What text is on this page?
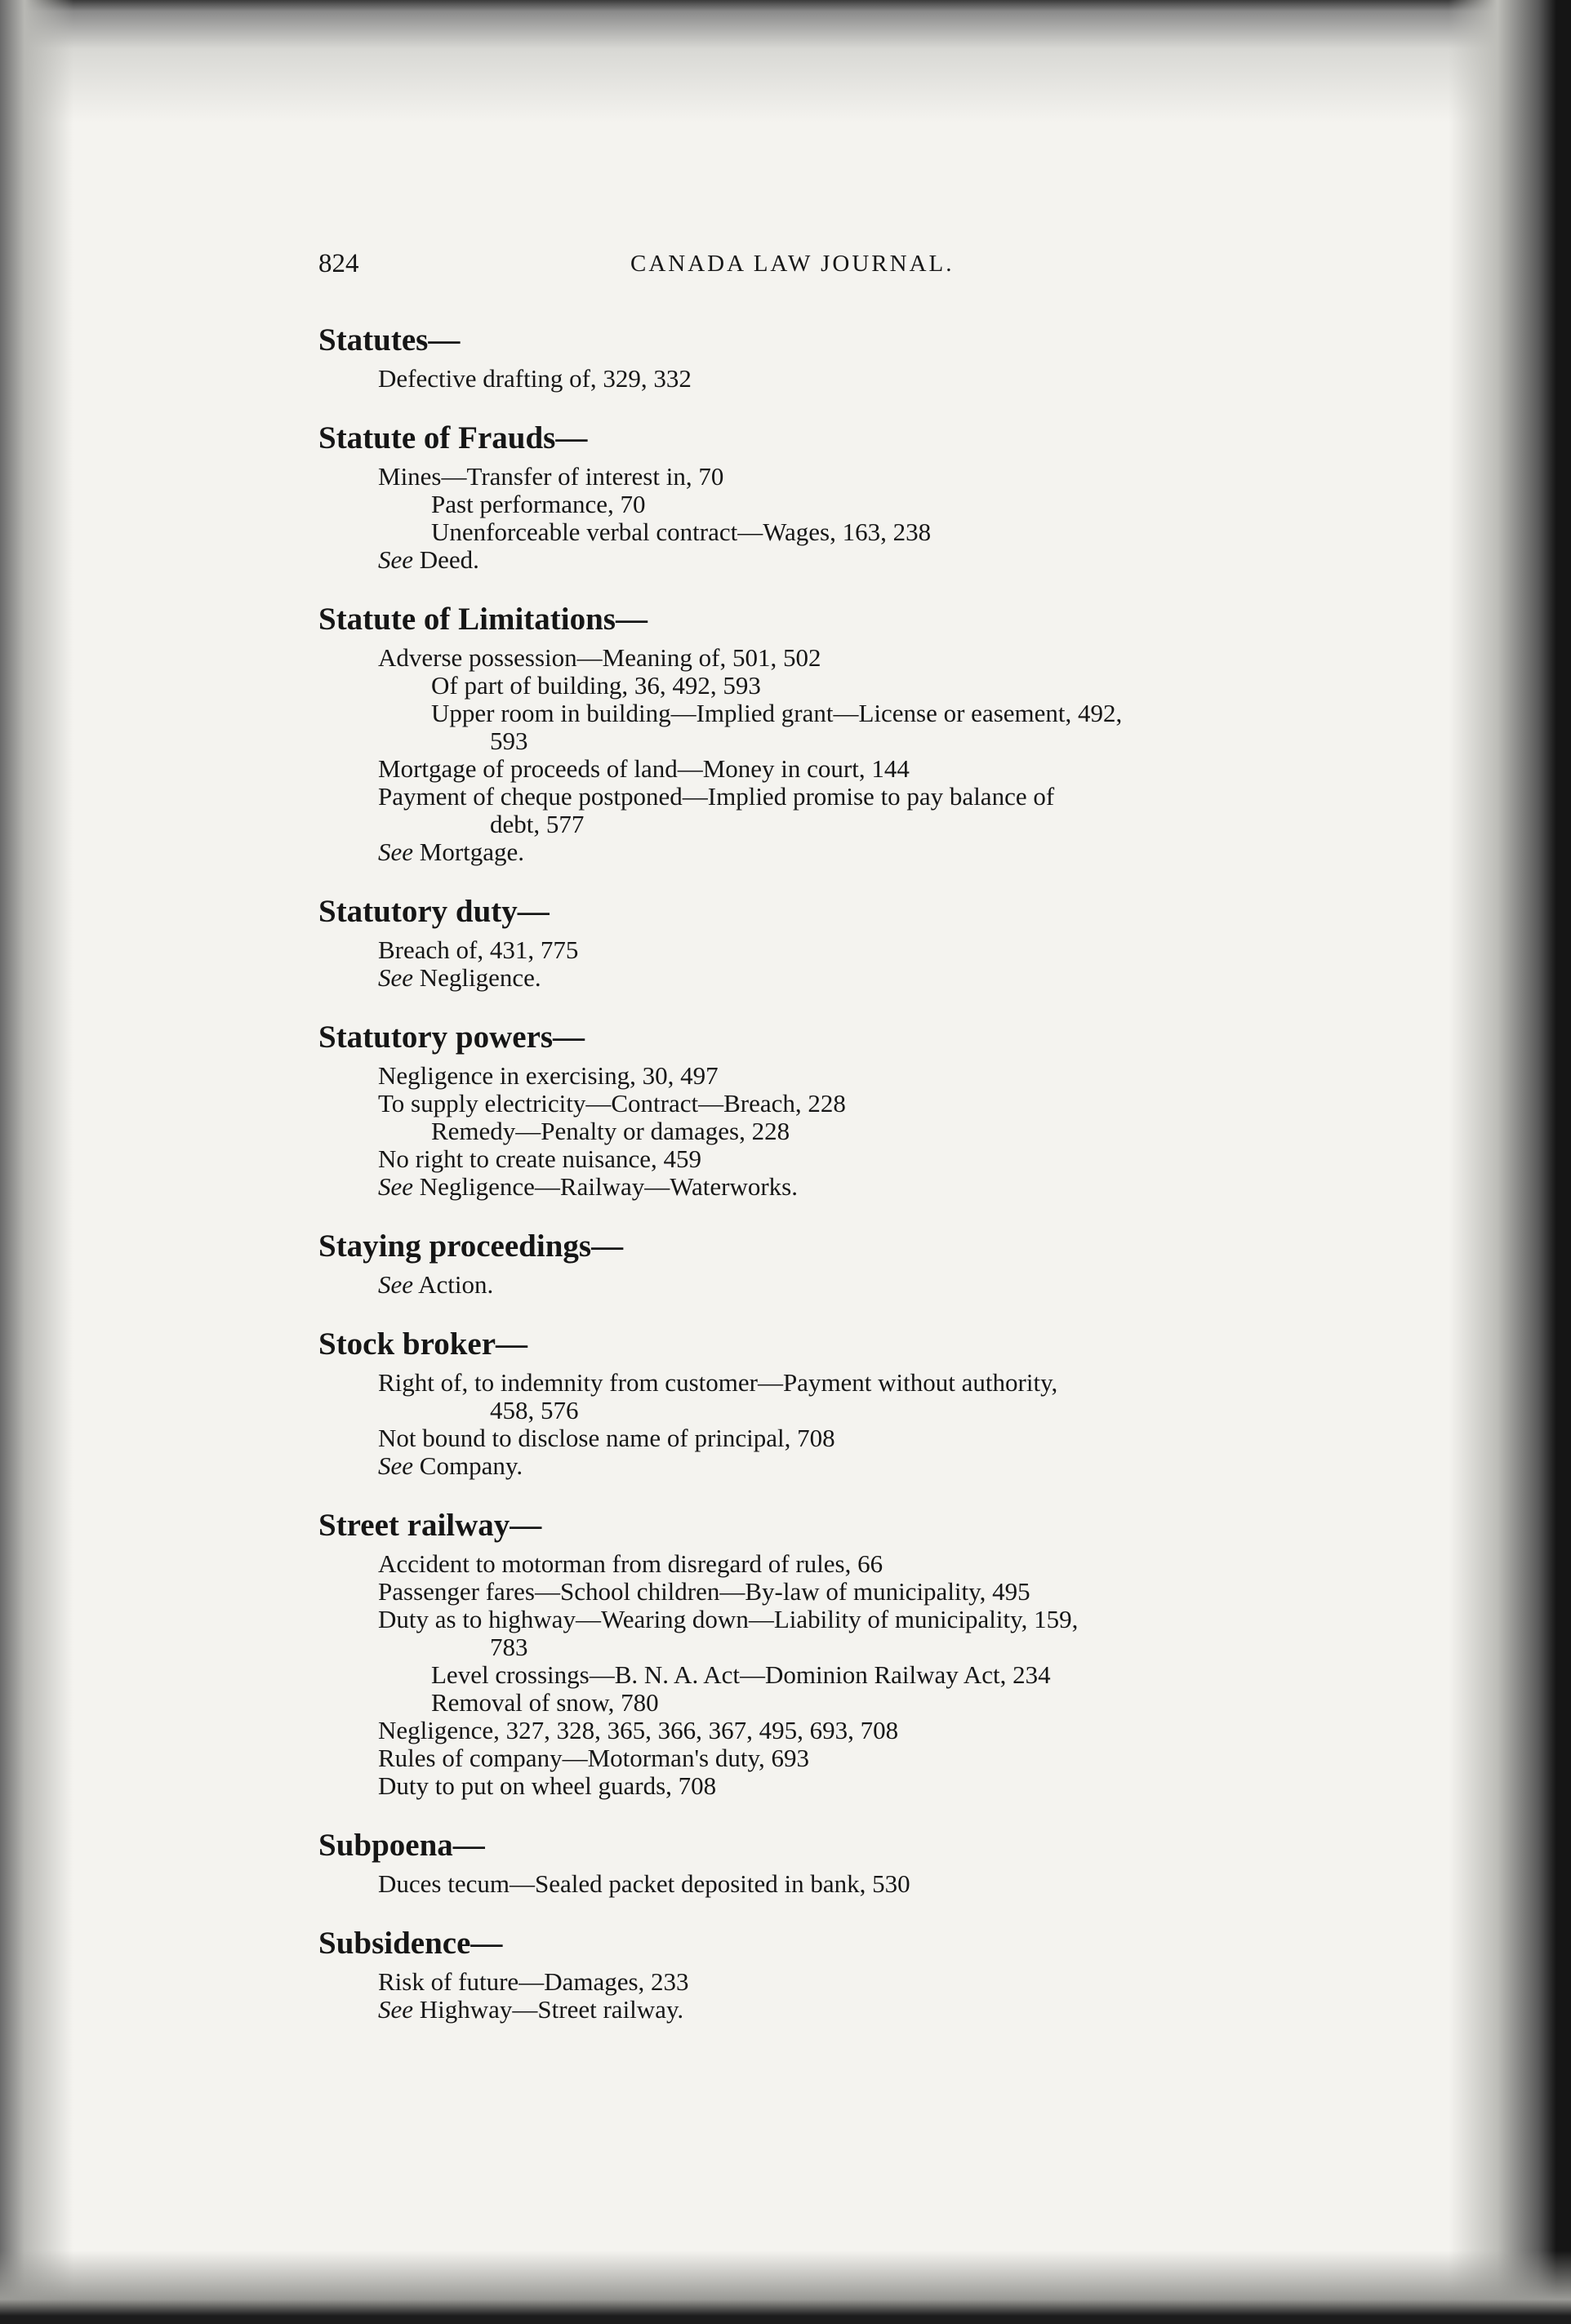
824	CANADA LAW JOURNAL.
Statutes—
Defective drafting of, 329, 332
Statute of Frauds—
Mines—Transfer of interest in, 70
Past performance, 70
Unenforceable verbal contract—Wages, 163, 238
See Deed.
Statute of Limitations—
Adverse possession—Meaning of, 501, 502
Of part of building, 36, 492, 593
Upper room in building—Implied grant—License or easement, 492,
593
Mortgage of proceeds of land—Money in court, 144
Payment of cheque postponed—Implied promise to pay balance of
debt, 577
See Mortgage.
Statutory duty—
Breach of, 431, 775
See Negligence.
Statutory powers—
Negligence in exercising, 30, 497
To supply electricity—Contract—Breach, 228
Remedy—Penalty or damages, 228
No right to create nuisance, 459
See Negligence—Railway—Waterworks.
Staying proceedings—
See Action.
Stock broker—
Right of, to indemnity from customer—Payment without authority,
458, 576
Not bound to disclose name of principal, 708
See Company.
Street railway—
Accident to motorman from disregard of rules, 66
Passenger fares—School children—By-law of municipality, 495
Duty as to highway—Wearing down—Liability of municipality, 159,
783
Level crossings—B. N. A. Act—Dominion Railway Act, 234
Removal of snow, 780
Negligence, 327, 328, 365, 366, 367, 495, 693, 708
Rules of company—Motorman's duty, 693
Duty to put on wheel guards, 708
Subpoena—
Duces tecum—Sealed packet deposited in bank, 530
Subsidence—
Risk of future—Damages, 233
See Highway—Street railway.
